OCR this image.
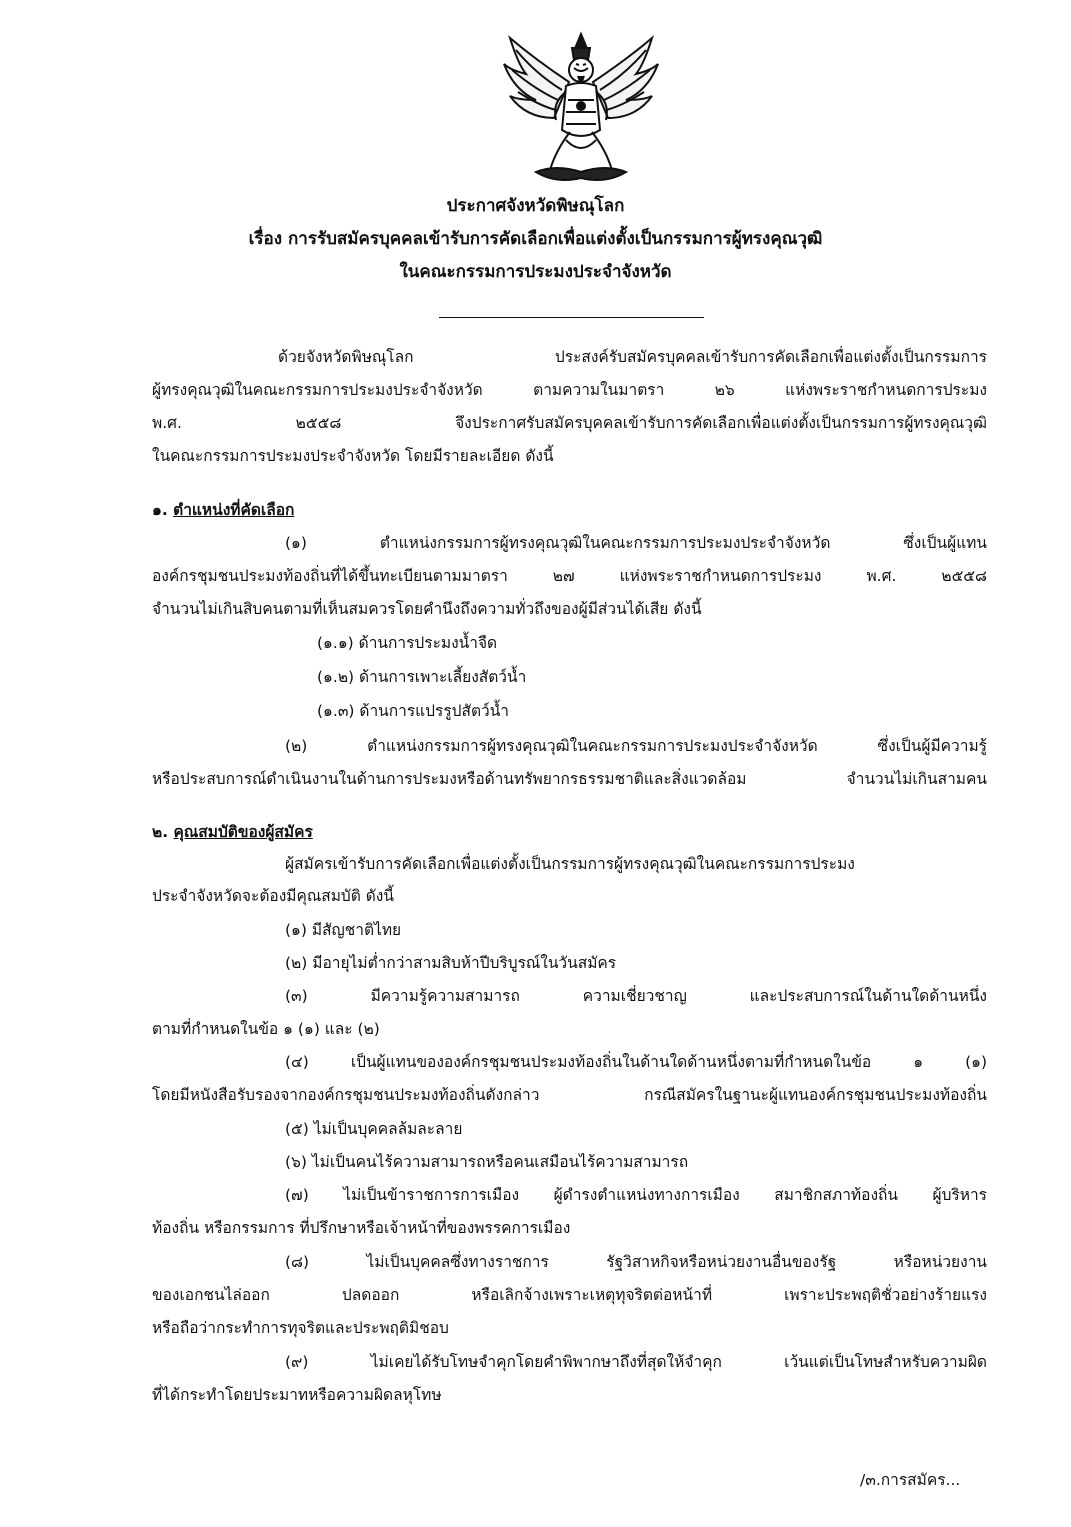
ประกาศจังหวัดพิษณุโลก
เรื่อง การรับสมัครบุคคลเข้ารับการคัดเลือกเพื่อแต่งตั้งเป็นกรรมการผู้ทรงคุณวุฒิ
ในคณะกรรมการประมงประจำจังหวัด
ด้วยจังหวัดพิษณุโลก ประสงค์รับสมัครบุคคลเข้ารับการคัดเลือกเพื่อแต่งตั้งเป็นกรรมการ
ผู้ทรงคุณวุฒิในคณะกรรมการประมงประจำจังหวัด ตามความในมาตรา ๒๖ แห่งพระราชกำหนดการประมง
พ.ศ. ๒๕๕๘ จึงประกาศรับสมัครบุคคลเข้ารับการคัดเลือกเพื่อแต่งตั้งเป็นกรรมการผู้ทรงคุณวุฒิ
ในคณะกรรมการประมงประจำจังหวัด โดยมีรายละเอียด ดังนี้
๑. ตำแหน่งที่คัดเลือก
(๑) ตำแหน่งกรรมการผู้ทรงคุณวุฒิในคณะกรรมการประมงประจำจังหวัด ซึ่งเป็นผู้แทน
องค์กรชุมชนประมงท้องถิ่นที่ได้ขึ้นทะเบียนตามมาตรา ๒๗ แห่งพระราชกำหนดการประมง พ.ศ. ๒๕๕๘
จำนวนไม่เกินสิบคนตามที่เห็นสมควรโดยคำนึงถึงความทั่วถึงของผู้มีส่วนได้เสีย ดังนี้
(๑.๑) ด้านการประมงน้ำจืด
(๑.๒) ด้านการเพาะเลี้ยงสัตว์น้ำ
(๑.๓) ด้านการแปรรูปสัตว์น้ำ
(๒) ตำแหน่งกรรมการผู้ทรงคุณวุฒิในคณะกรรมการประมงประจำจังหวัด ซึ่งเป็นผู้มีความรู้
หรือประสบการณ์ดำเนินงานในด้านการประมงหรือด้านทรัพยากรธรรมชาติและสิ่งแวดล้อม จำนวนไม่เกินสามคน
๒. คุณสมบัติของผู้สมัคร
ผู้สมัครเข้ารับการคัดเลือกเพื่อแต่งตั้งเป็นกรรมการผู้ทรงคุณวุฒิในคณะกรรมการประมง
ประจำจังหวัดจะต้องมีคุณสมบัติ ดังนี้
(๑) มีสัญชาติไทย
(๒) มีอายุไม่ต่ำกว่าสามสิบห้าปีบริบูรณ์ในวันสมัคร
(๓) มีความรู้ความสามารถ ความเชี่ยวชาญ และประสบการณ์ในด้านใดด้านหนึ่ง
ตามที่กำหนดในข้อ ๑ (๑) และ (๒)
(๔) เป็นผู้แทนขององค์กรชุมชนประมงท้องถิ่นในด้านใดด้านหนึ่งตามที่กำหนดในข้อ ๑ (๑)
โดยมีหนังสือรับรองจากองค์กรชุมชนประมงท้องถิ่นดังกล่าว กรณีสมัครในฐานะผู้แทนองค์กรชุมชนประมงท้องถิ่น
(๕) ไม่เป็นบุคคลล้มละลาย
(๖) ไม่เป็นคนไร้ความสามารถหรือคนเสมือนไร้ความสามารถ
(๗) ไม่เป็นข้าราชการการเมือง ผู้ดำรงตำแหน่งทางการเมือง สมาชิกสภาท้องถิ่น ผู้บริหาร
ท้องถิ่น หรือกรรมการ ที่ปรึกษาหรือเจ้าหน้าที่ของพรรคการเมือง
(๘) ไม่เป็นบุคคลซึ่งทางราชการ รัฐวิสาหกิจหรือหน่วยงานอื่นของรัฐ หรือหน่วยงาน
ของเอกชนไล่ออก ปลดออก หรือเลิกจ้างเพราะเหตุทุจริตต่อหน้าที่ เพราะประพฤติชั่วอย่างร้ายแรง
หรือถือว่ากระทำการทุจริตและประพฤติมิชอบ
(๙) ไม่เคยได้รับโทษจำคุกโดยคำพิพากษาถึงที่สุดให้จำคุก เว้นแต่เป็นโทษสำหรับความผิด
ที่ได้กระทำโดยประมาทหรือความผิดลหุโทษ
/๓.การสมัคร...
